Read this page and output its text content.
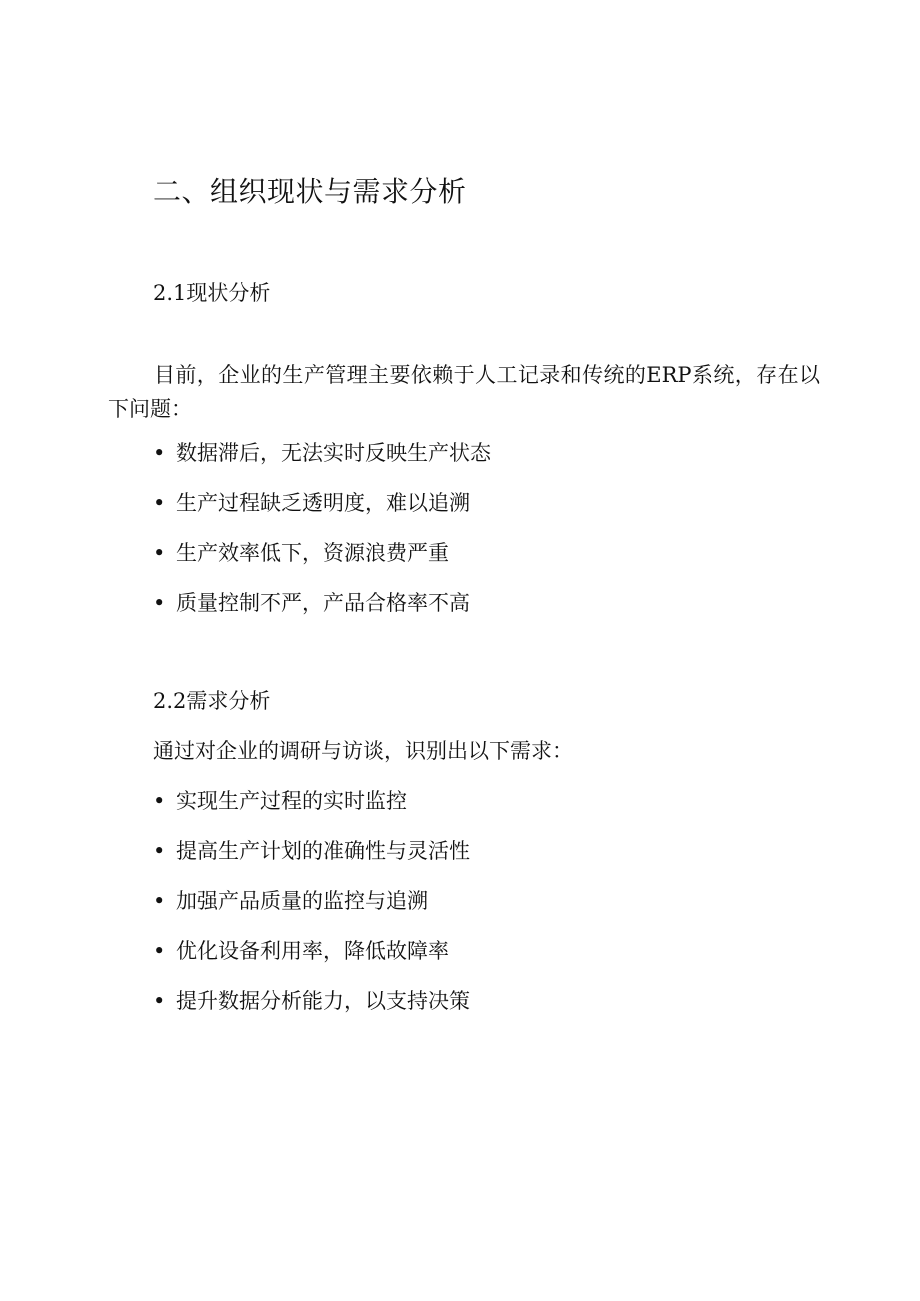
二、组织现状与需求分析
2.1现状分析
目前，企业的生产管理主要依赖于人工记录和传统的ERP系统，存在以下问题：
• 数据滞后，无法实时反映生产状态
• 生产过程缺乏透明度，难以追溯
• 生产效率低下，资源浪费严重
• 质量控制不严，产品合格率不高
2.2需求分析
通过对企业的调研与访谈，识别出以下需求：
• 实现生产过程的实时监控
• 提高生产计划的准确性与灵活性
• 加强产品质量的监控与追溯
• 优化设备利用率，降低故障率
• 提升数据分析能力，以支持决策
